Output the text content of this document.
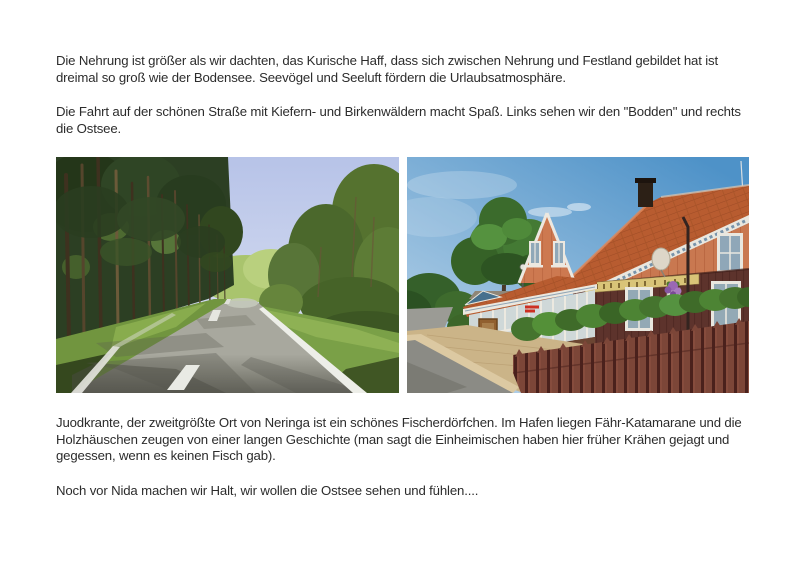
Die Nehrung ist größer als wir dachten, das Kurische Haff, dass sich zwischen Nehrung und Festland gebildet hat ist dreimal so groß wie der Bodensee. Seevögel und Seeluft fördern die Urlaubsatmosphäre.

Die Fahrt auf der schönen Straße mit Kiefern- und Birkenwäldern macht Spaß. Links sehen wir den "Bodden" und rechts die Ostsee.

Juodkrante, der zweitgrößte Ort von Neringa ist ein schönes Fischerdörfchen. Im Hafen liegen Fähr-Katamarane und die Holzhäuschen zeugen von einer langen Geschichte (man sagt die Einheimischen haben hier früher Krähen gejagt und gegessen, wenn es keinen Fisch gab).

Noch vor Nida machen wir Halt, wir wollen die Ostsee sehen und fühlen....
